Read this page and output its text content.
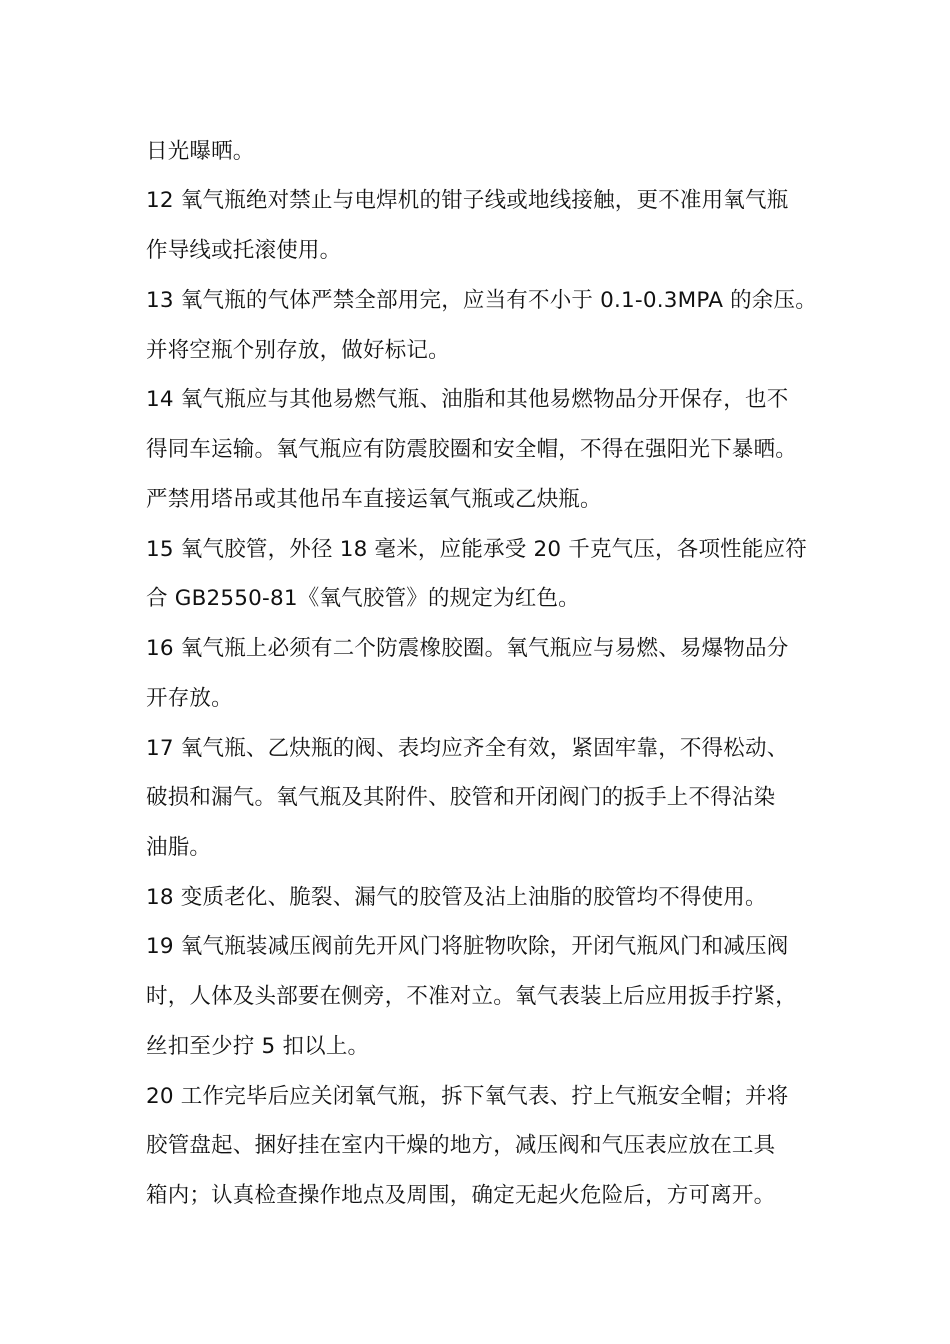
日光曝晒。
12 氧气瓶绝对禁止与电焊机的钳子线或地线接触，更不准用氧气瓶
作导线或托滚使用。
13 氧气瓶的气体严禁全部用完，应当有不小于 0.1-0.3MPA 的余压。
并将空瓶个别存放，做好标记。
14 氧气瓶应与其他易燃气瓶、油脂和其他易燃物品分开保存，也不
得同车运输。氧气瓶应有防震胶圈和安全帽，不得在强阳光下暴晒。
严禁用塔吊或其他吊车直接运氧气瓶或乙炔瓶。
15 氧气胶管，外径 18 毫米，应能承受 20 千克气压，各项性能应符
合 GB2550-81《氧气胶管》的规定为红色。
16 氧气瓶上必须有二个防震橡胶圈。氧气瓶应与易燃、易爆物品分
开存放。
17 氧气瓶、乙炔瓶的阀、表均应齐全有效，紧固牢靠，不得松动、
破损和漏气。氧气瓶及其附件、胶管和开闭阀门的扳手上不得沾染
油脂。
18 变质老化、脆裂、漏气的胶管及沾上油脂的胶管均不得使用。
19 氧气瓶装减压阀前先开风门将脏物吹除，开闭气瓶风门和减压阀
时，人体及头部要在侧旁，不准对立。氧气表装上后应用扳手拧紧，
丝扣至少拧 5 扣以上。
20 工作完毕后应关闭氧气瓶，拆下氧气表、拧上气瓶安全帽；并将
胶管盘起、捆好挂在室内干燥的地方，减压阀和气压表应放在工具
箱内；认真检查操作地点及周围，确定无起火危险后，方可离开。
